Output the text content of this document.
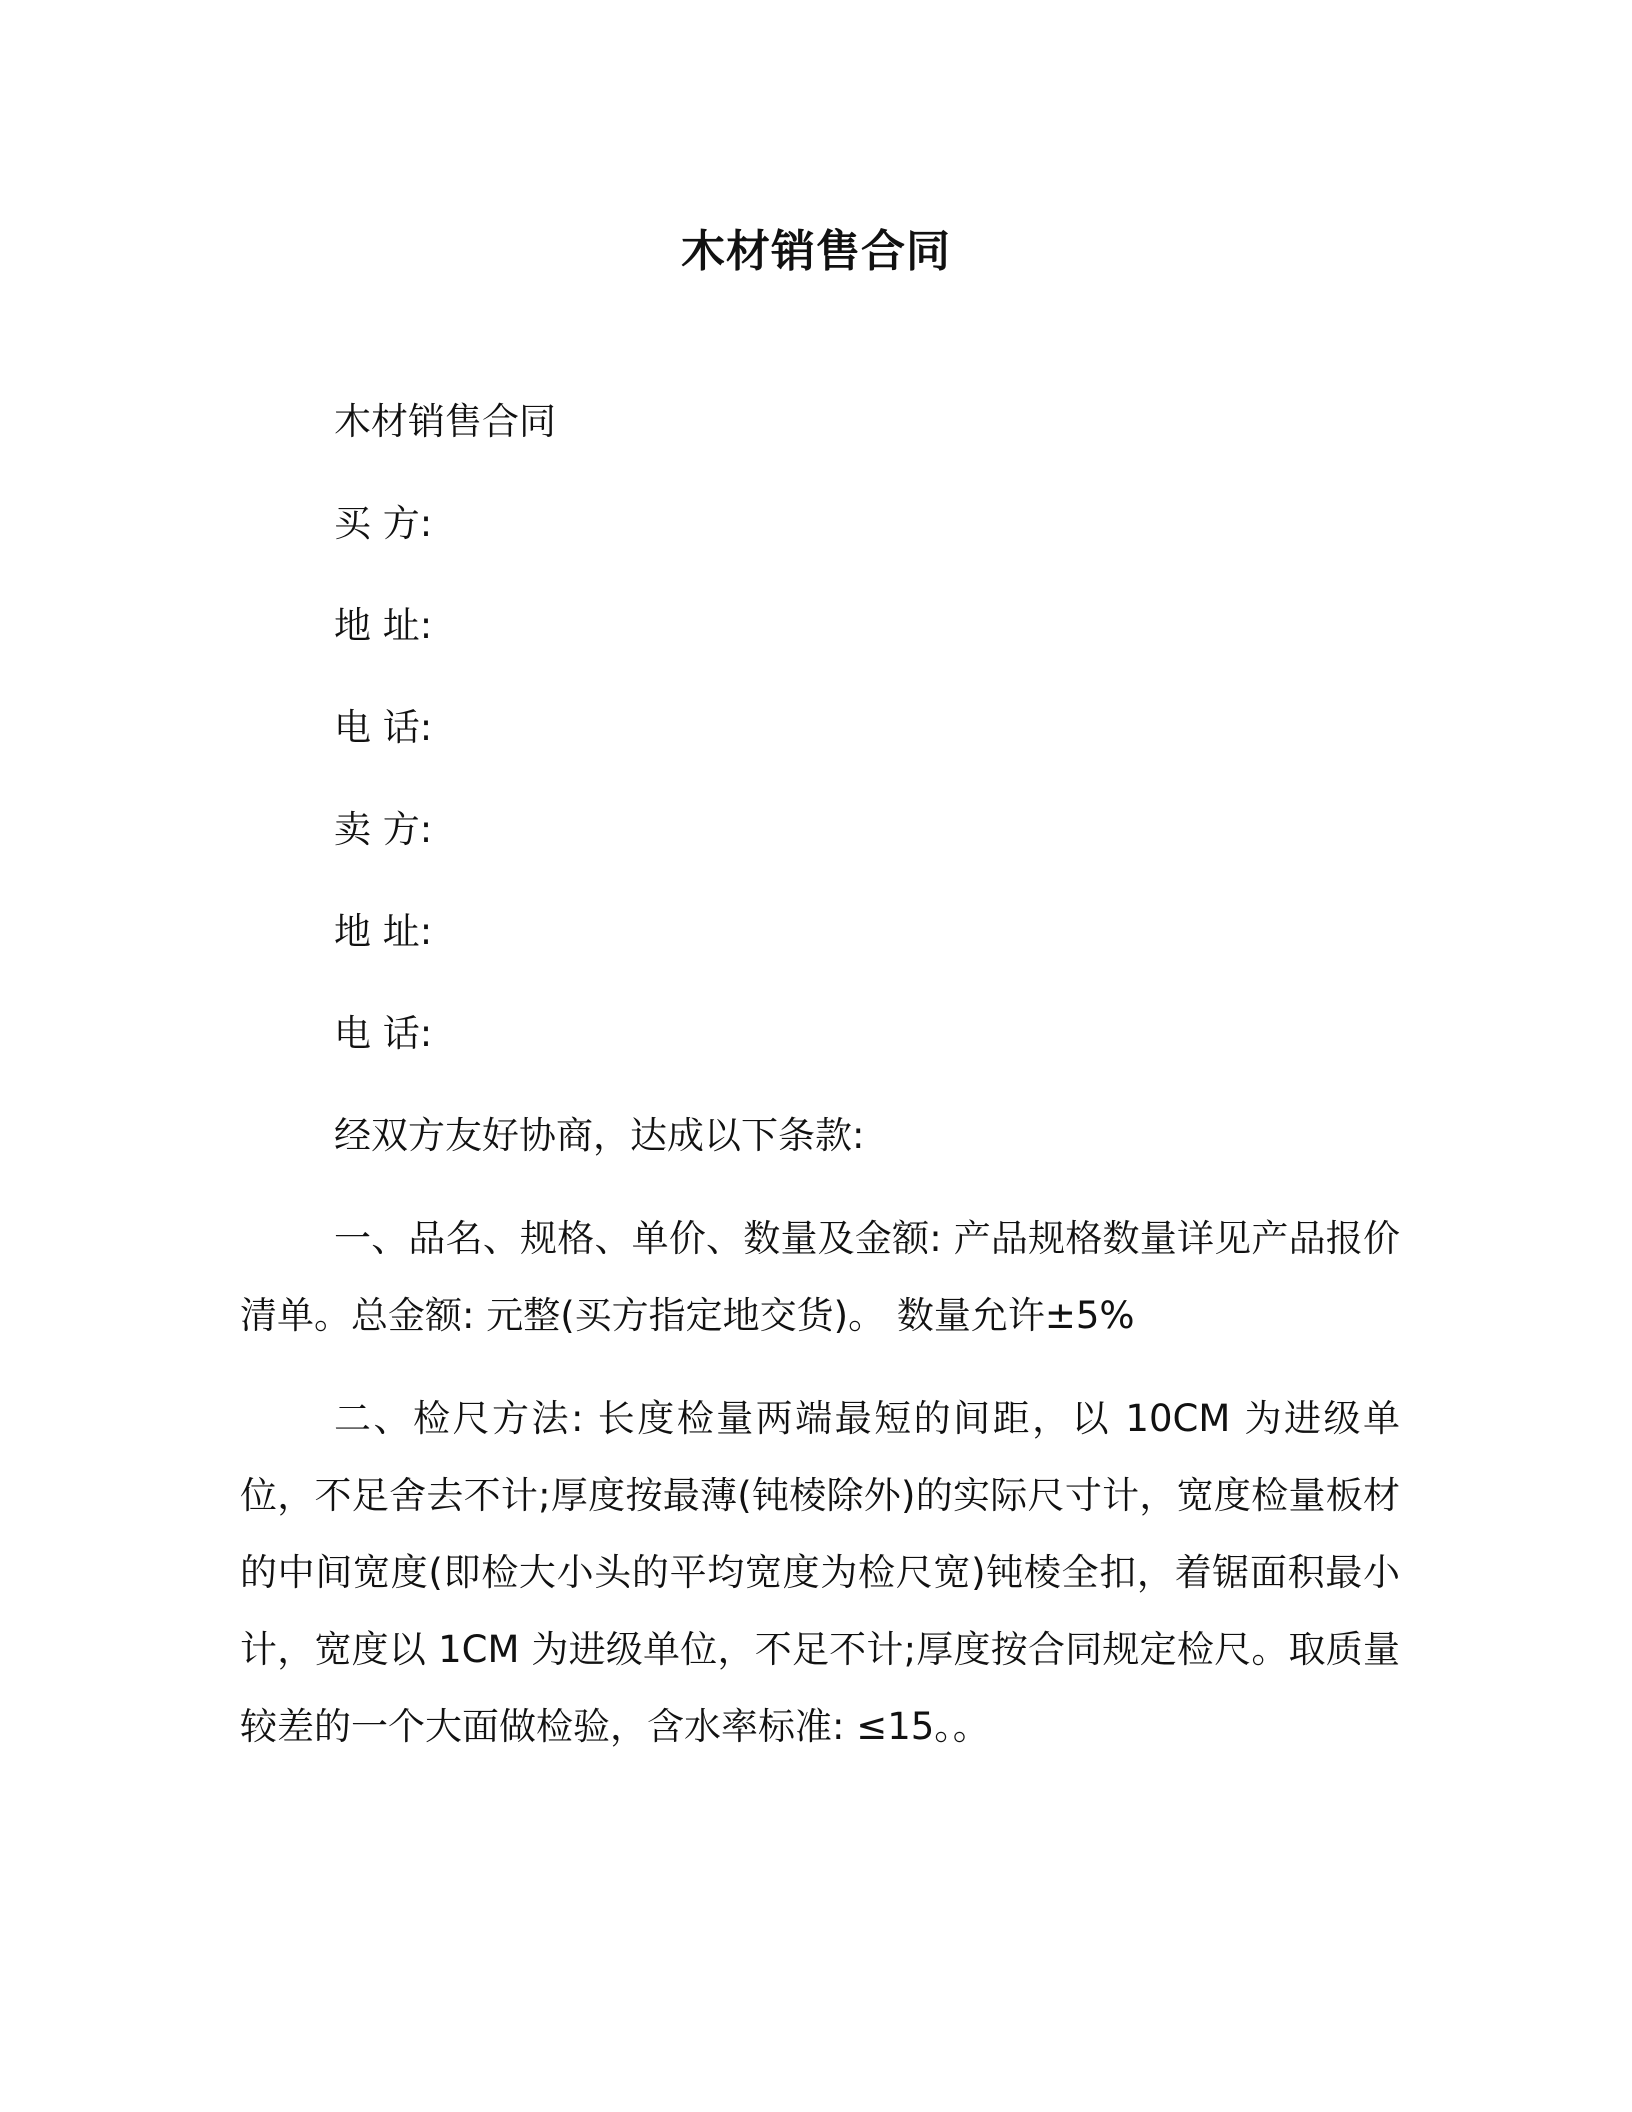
木材销售合同
木材销售合同
买 方:
地 址:
电 话:
卖 方:
地 址:
电 话:
经双方友好协商，达成以下条款:
一、品名、规格、单价、数量及金额: 产品规格数量详见产品报价清单。总金额: 元整(买方指定地交货)。 数量允许±5%
二、检尺方法: 长度检量两端最短的间距，以 10CM 为进级单位，不足舍去不计;厚度按最薄(钝棱除外)的实际尺寸计，宽度检量板材的中间宽度(即检大小头的平均宽度为检尺宽)钝棱全扣，着锯面积最小计，宽度以 1CM 为进级单位，不足不计;厚度按合同规定检尺。取质量较差的一个大面做检验，含水率标准: ≤15。。
